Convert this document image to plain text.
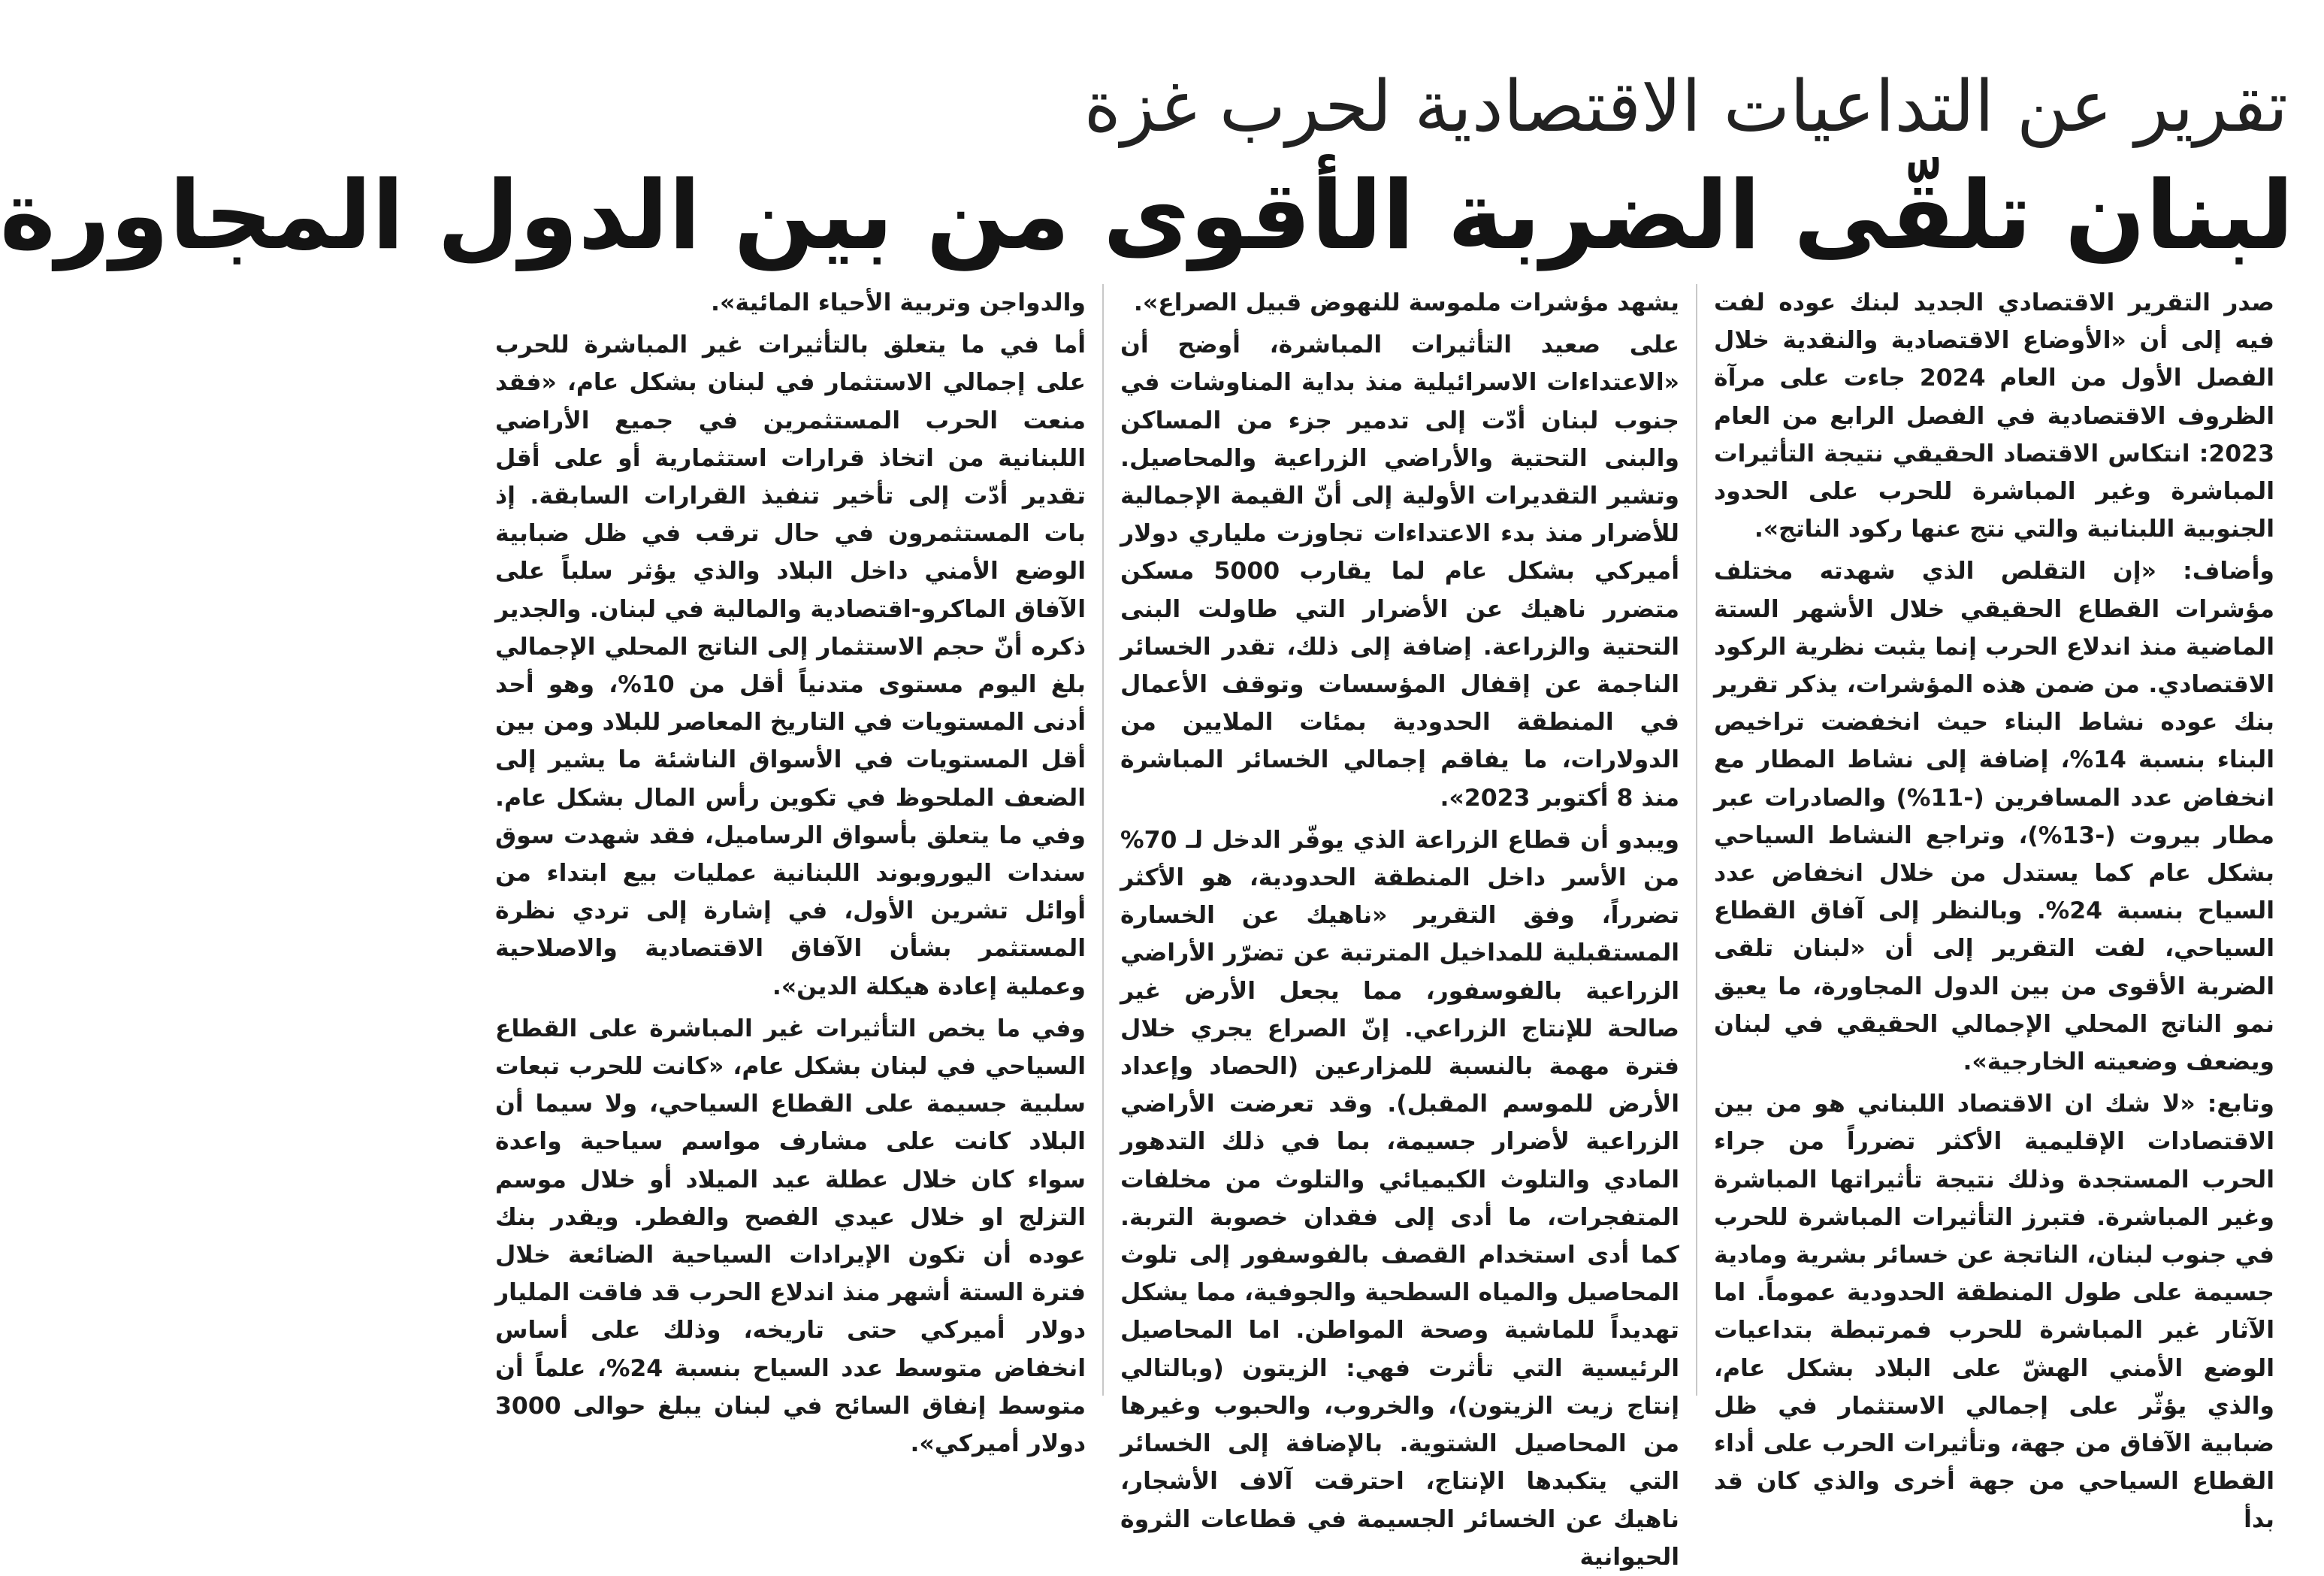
تقرير عن التداعيات الاقتصادية لحرب غزة
لبنان تلقّى الضربة الأقوى من بين الدول المجاورة

صدر التقرير الاقتصادي الجديد لبنك عوده لفت فيه إلى أن «الأوضاع الاقتصادية والنقدية خلال الفصل الأول من العام 2024 جاءت على مرآة الظروف الاقتصادية في الفصل الرابع من العام 2023: انتكاس الاقتصاد الحقيقي نتيجة التأثيرات المباشرة وغير المباشرة للحرب على الحدود الجنوبية اللبنانية والتي نتج عنها ركود الناتج».

وأضاف: «إن التقلص الذي شهدته مختلف مؤشرات القطاع الحقيقي خلال الأشهر الستة الماضية منذ اندلاع الحرب إنما يثبت نظرية الركود الاقتصادي. من ضمن هذه المؤشرات، يذكر تقرير بنك عوده نشاط البناء حيث انخفضت تراخيص البناء بنسبة 14%، إضافة إلى نشاط المطار مع انخفاض عدد المسافرين (-11%) والصادرات عبر مطار بيروت (-13%)، وتراجع النشاط السياحي بشكل عام كما يستدل من خلال انخفاض عدد السياح بنسبة 24%. وبالنظر إلى آفاق القطاع السياحي، لفت التقرير إلى أن «لبنان تلقى الضربة الأقوى من بين الدول المجاورة، ما يعيق نمو الناتج المحلي الإجمالي الحقيقي في لبنان ويضعف وضعيته الخارجية».

وتابع: «لا شك ان الاقتصاد اللبناني هو من بين الاقتصادات الإقليمية الأكثر تضرراً من جراء الحرب المستجدة وذلك نتيجة تأثيراتها المباشرة وغير المباشرة. فتبرز التأثيرات المباشرة للحرب في جنوب لبنان، الناتجة عن خسائر بشرية ومادية جسيمة على طول المنطقة الحدودية عموماً. اما الآثار غير المباشرة للحرب فمرتبطة بتداعيات الوضع الأمني الهشّ على البلاد بشكل عام، والذي يؤثّر على إجمالي الاستثمار في ظل ضبابية الآفاق من جهة، وتأثيرات الحرب على أداء القطاع السياحي من جهة أخرى والذي كان قد بدأ

يشهد مؤشرات ملموسة للنهوض قبيل الصراع».

على صعيد التأثيرات المباشرة، أوضح أن «الاعتداءات الاسرائيلية منذ بداية المناوشات في جنوب لبنان أدّت إلى تدمير جزء من المساكن والبنى التحتية والأراضي الزراعية والمحاصيل. وتشير التقديرات الأولية إلى أنّ القيمة الإجمالية للأضرار منذ بدء الاعتداءات تجاوزت ملياري دولار أميركي بشكل عام لما يقارب 5000 مسكن متضرر ناهيك عن الأضرار التي طاولت البنى التحتية والزراعة. إضافة إلى ذلك، تقدر الخسائر الناجمة عن إقفال المؤسسات وتوقف الأعمال في المنطقة الحدودية بمئات الملايين من الدولارات، ما يفاقم إجمالي الخسائر المباشرة منذ 8 أكتوبر 2023».

ويبدو أن قطاع الزراعة الذي يوفّر الدخل لـ 70% من الأسر داخل المنطقة الحدودية، هو الأكثر تضرراً، وفق التقرير «ناهيك عن الخسارة المستقبلية للمداخيل المترتبة عن تضرّر الأراضي الزراعية بالفوسفور، مما يجعل الأرض غير صالحة للإنتاج الزراعي. إنّ الصراع يجري خلال فترة مهمة بالنسبة للمزارعين (الحصاد وإعداد الأرض للموسم المقبل). وقد تعرضت الأراضي الزراعية لأضرار جسيمة، بما في ذلك التدهور المادي والتلوث الكيميائي والتلوث من مخلفات المتفجرات، ما أدى إلى فقدان خصوبة التربة. كما أدى استخدام القصف بالفوسفور إلى تلوث المحاصيل والمياه السطحية والجوفية، مما يشكل تهديداً للماشية وصحة المواطن. اما المحاصيل الرئيسية التي تأثرت فهي: الزيتون (وبالتالي إنتاج زيت الزيتون)، والخروب، والحبوب وغيرها من المحاصيل الشتوية. بالإضافة إلى الخسائر التي يتكبدها الإنتاج، احترقت آلاف الأشجار، ناهيك عن الخسائر الجسيمة في قطاعات الثروة الحيوانية

والدواجن وتربية الأحياء المائية».

أما في ما يتعلق بالتأثيرات غير المباشرة للحرب على إجمالي الاستثمار في لبنان بشكل عام، «فقد منعت الحرب المستثمرين في جميع الأراضي اللبنانية من اتخاذ قرارات استثمارية أو على أقل تقدير أدّت إلى تأخير تنفيذ القرارات السابقة. إذ بات المستثمرون في حال ترقب في ظل ضبابية الوضع الأمني داخل البلاد والذي يؤثر سلباً على الآفاق الماكرو-اقتصادية والمالية في لبنان. والجدير ذكره أنّ حجم الاستثمار إلى الناتج المحلي الإجمالي بلغ اليوم مستوى متدنياً أقل من 10%، وهو أحد أدنى المستويات في التاريخ المعاصر للبلاد ومن بين أقل المستويات في الأسواق الناشئة ما يشير إلى الضعف الملحوظ في تكوين رأس المال بشكل عام. وفي ما يتعلق بأسواق الرساميل، فقد شهدت سوق سندات اليوروبوند اللبنانية عمليات بيع ابتداء من أوائل تشرين الأول، في إشارة إلى تردي نظرة المستثمر بشأن الآفاق الاقتصادية والاصلاحية وعملية إعادة هيكلة الدين».

وفي ما يخص التأثيرات غير المباشرة على القطاع السياحي في لبنان بشكل عام، «كانت للحرب تبعات سلبية جسيمة على القطاع السياحي، ولا سيما أن البلاد كانت على مشارف مواسم سياحية واعدة سواء كان خلال عطلة عيد الميلاد أو خلال موسم التزلج او خلال عيدي الفصح والفطر. ويقدر بنك عوده أن تكون الإيرادات السياحية الضائعة خلال فترة الستة أشهر منذ اندلاع الحرب قد فاقت المليار دولار أميركي حتى تاريخه، وذلك على أساس انخفاض متوسط عدد السياح بنسبة 24%، علماً أن متوسط إنفاق السائح في لبنان يبلغ حوالى 3000 دولار أميركي».
